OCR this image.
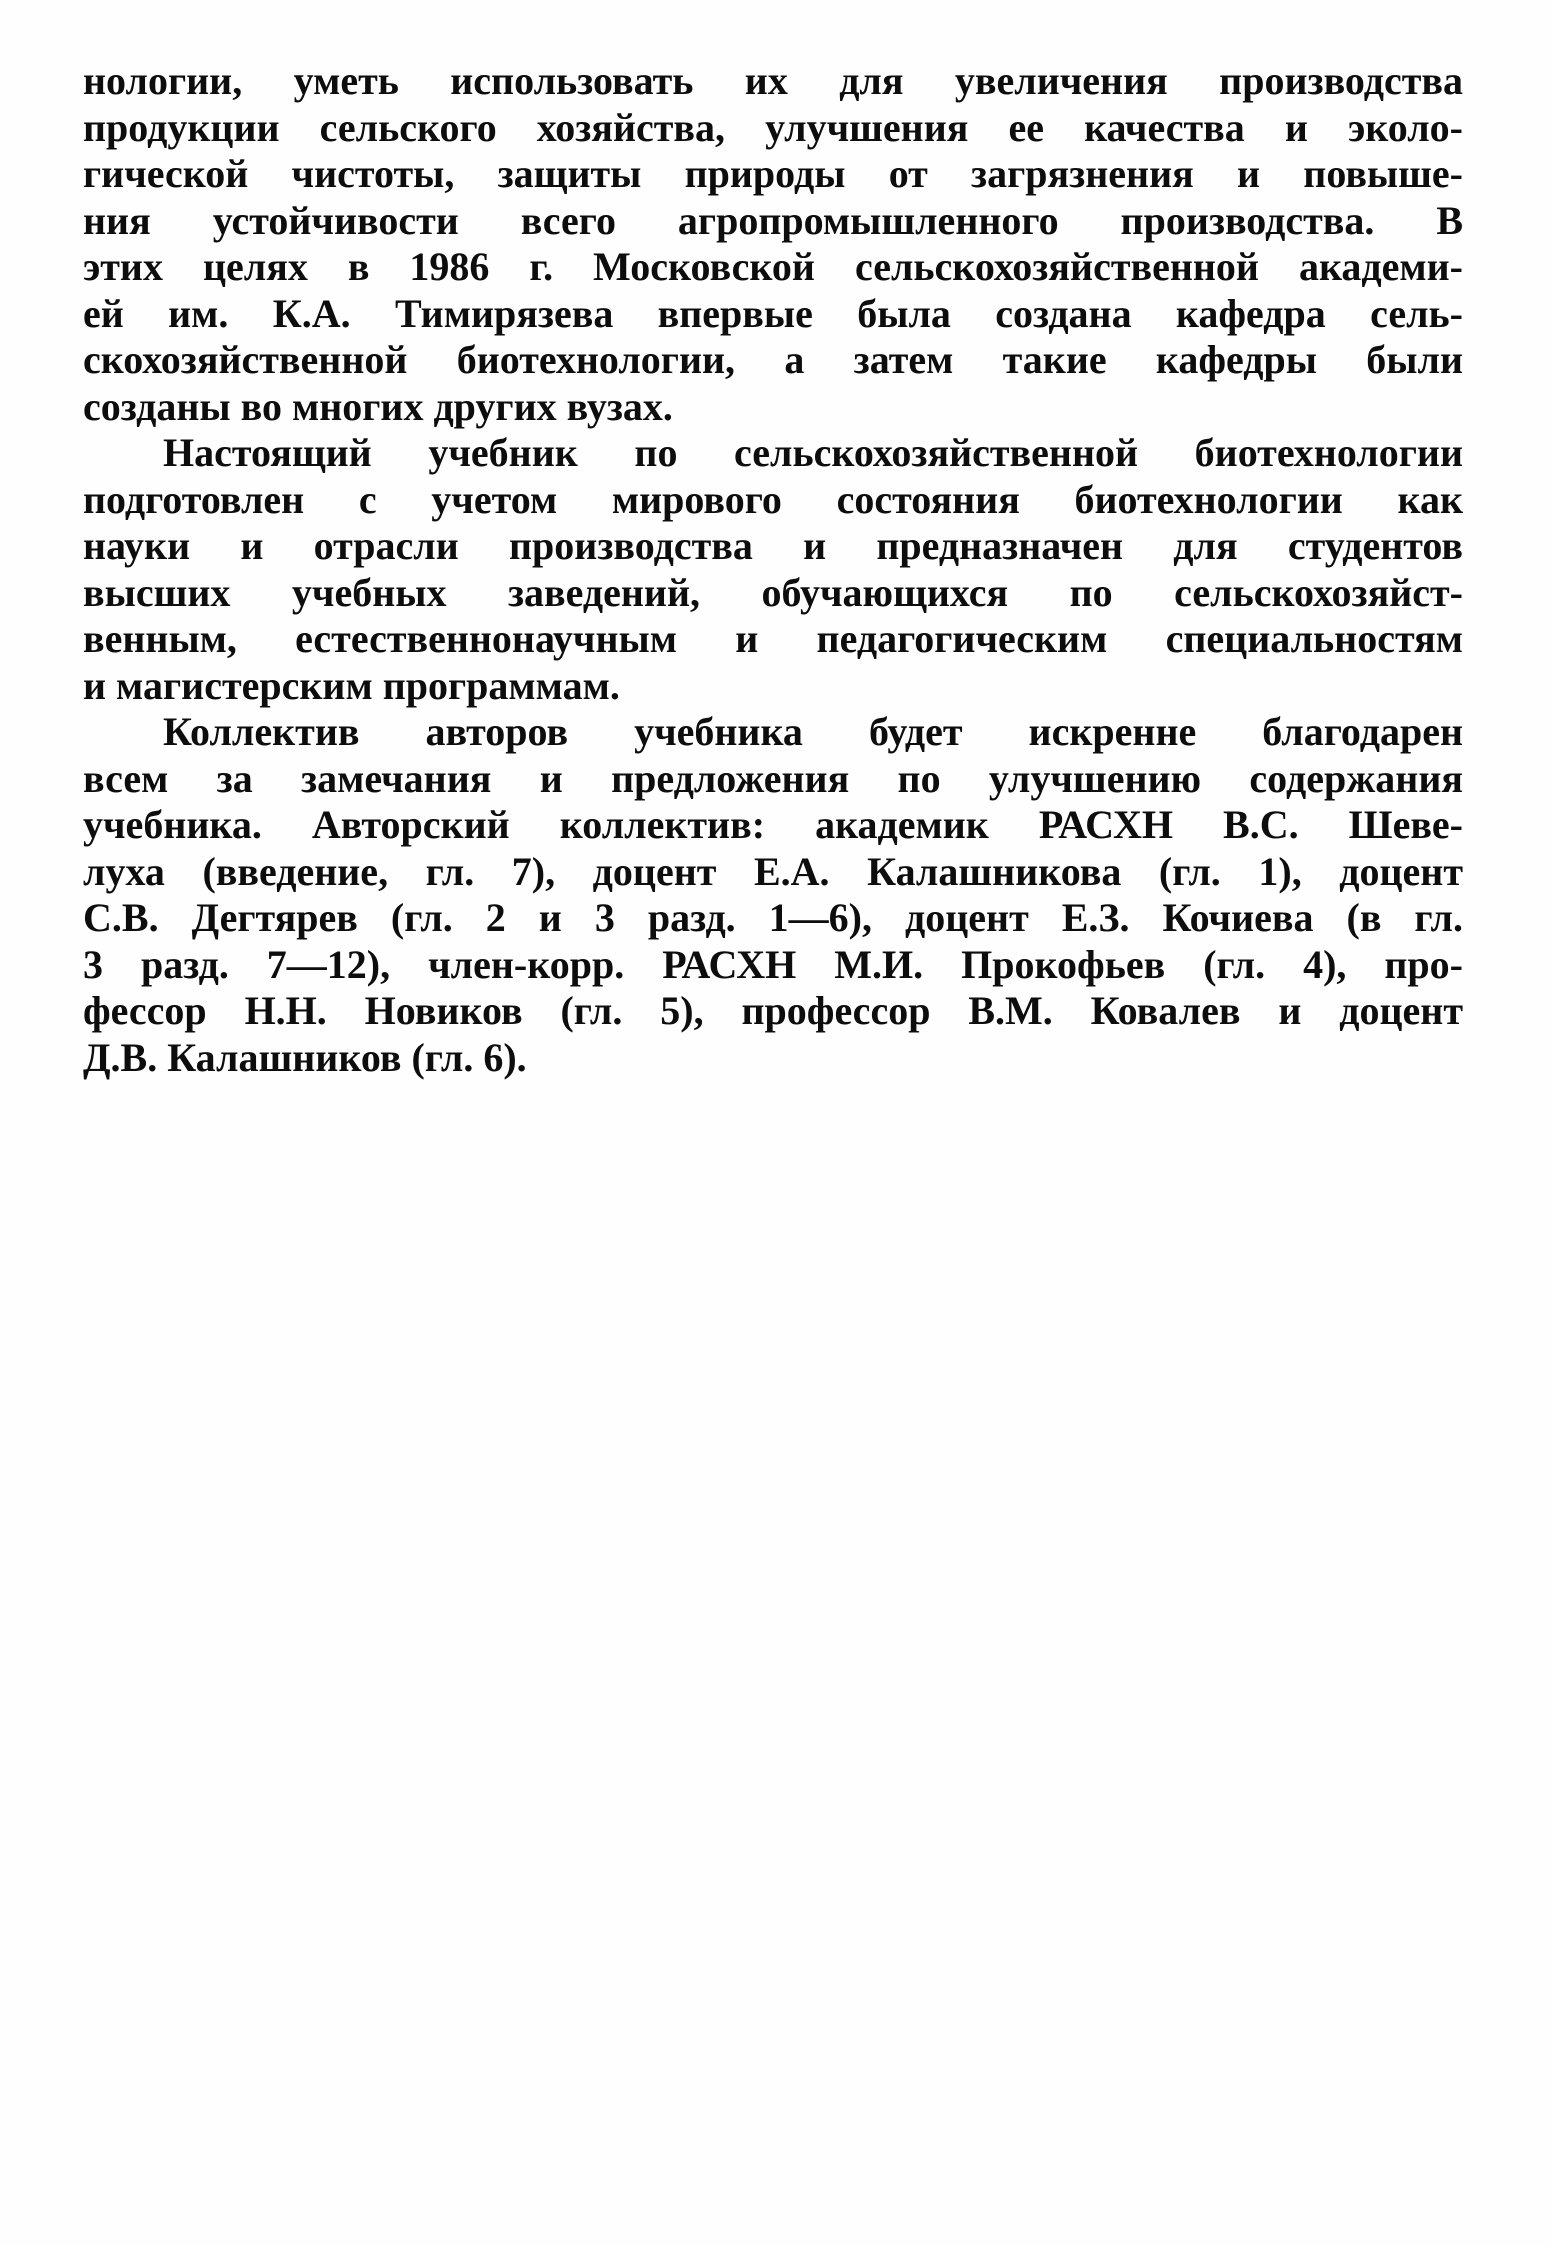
нологии, уметь использовать их для увеличения производства
продукции сельского хозяйства, улучшения ее качества и эколо-
гической чистоты, защиты природы от загрязнения и повыше-
ния устойчивости всего агропромышленного производства. В
этих целях в 1986 г. Московской сельскохозяйственной академи-
ей им. К.А. Тимирязева впервые была создана кафедра сель-
скохозяйственной биотехнологии, а затем такие кафедры были
созданы во многих других вузах.
Настоящий учебник по сельскохозяйственной биотехнологии
подготовлен с учетом мирового состояния биотехнологии как
науки и отрасли производства и предназначен для студентов
высших учебных заведений, обучающихся по сельскохозяйст-
венным, естественнонаучным и педагогическим специальностям
и магистерским программам.
Коллектив авторов учебника будет искренне благодарен
всем за замечания и предложения по улучшению содержания
учебника. Авторский коллектив: академик РАСХН В.С. Шеве-
луха (введение, гл. 7), доцент Е.А. Калашникова (гл. 1), доцент
С.В. Дегтярев (гл. 2 и 3 разд. 1—6), доцент Е.З. Кочиева (в гл.
3 разд. 7—12), член-корр. РАСХН М.И. Прокофьев (гл. 4), про-
фессор Н.Н. Новиков (гл. 5), профессор В.М. Ковалев и доцент
Д.В. Калашников (гл. 6).
